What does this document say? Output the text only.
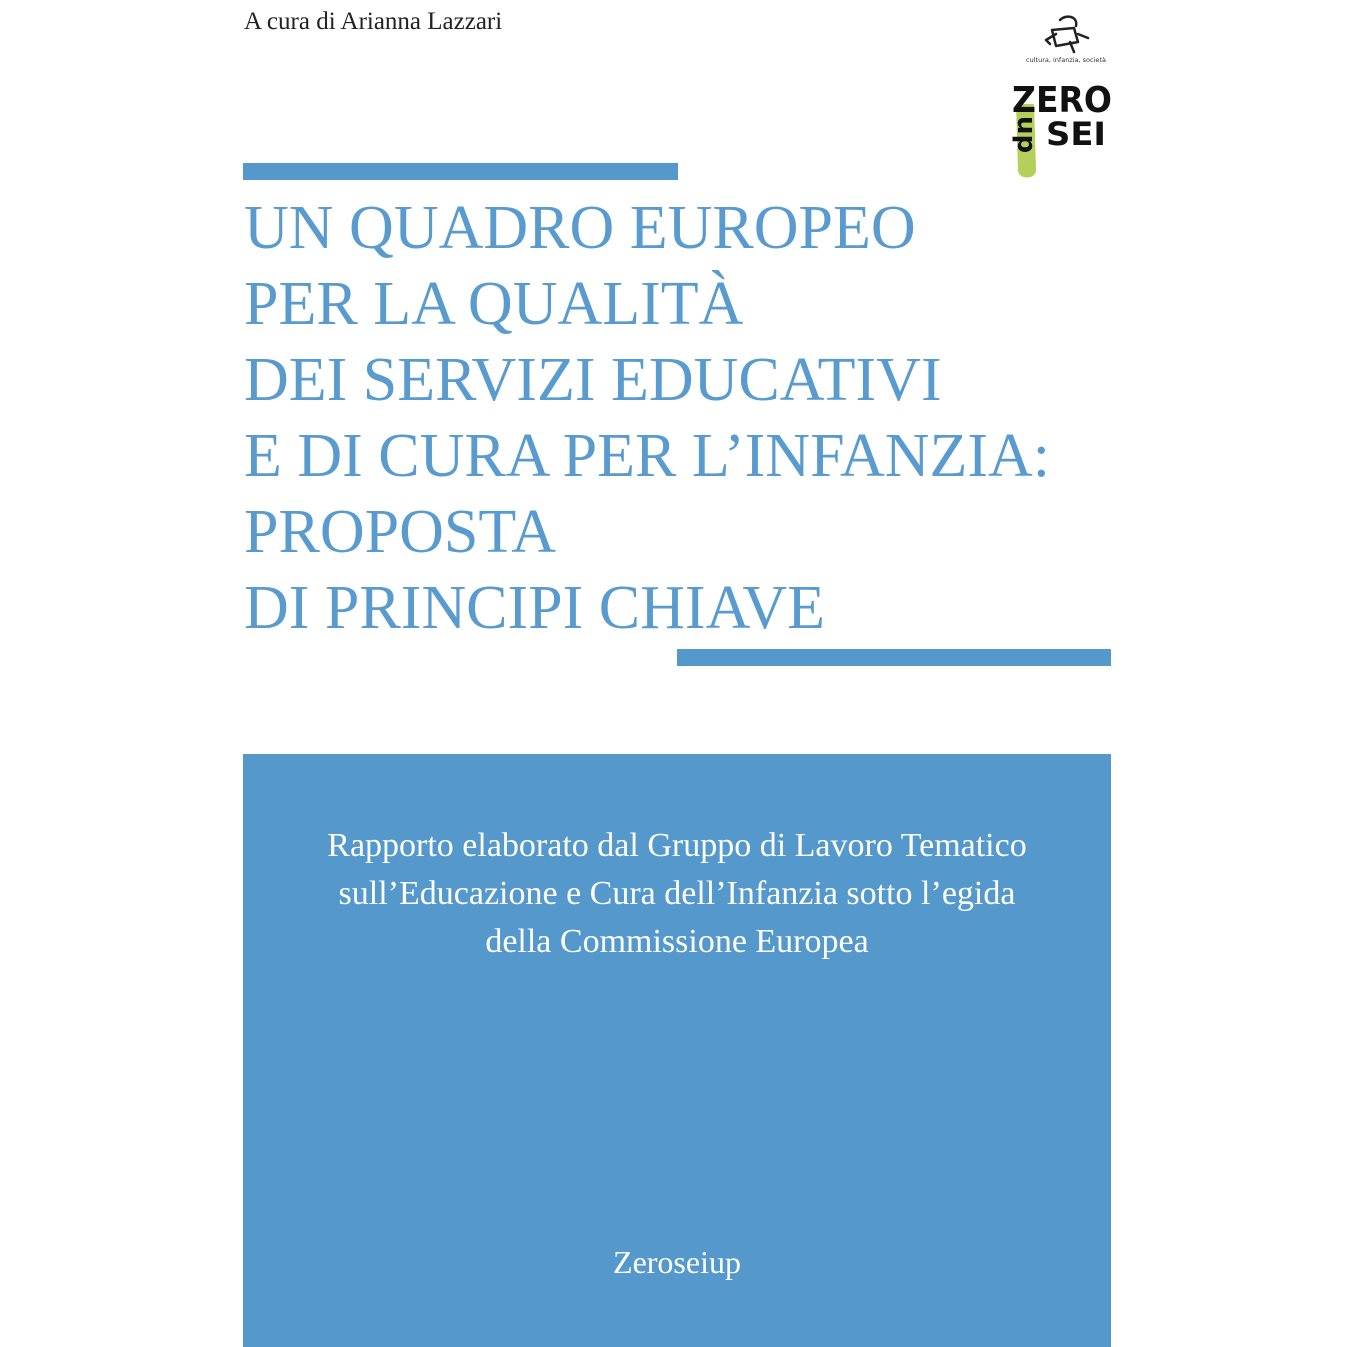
A cura di Arianna Lazzari
cultura, infanzia, società
ZERO
SEI
up
UN QUADRO EUROPEO
PER LA QUALITÀ
DEI SERVIZI EDUCATIVI
E DI CURA PER L’INFANZIA:
PROPOSTA
DI PRINCIPI CHIAVE
Rapporto elaborato dal Gruppo di Lavoro Tematico
sull’Educazione e Cura dell’Infanzia sotto l’egida
della Commissione Europea
Zeroseiup
